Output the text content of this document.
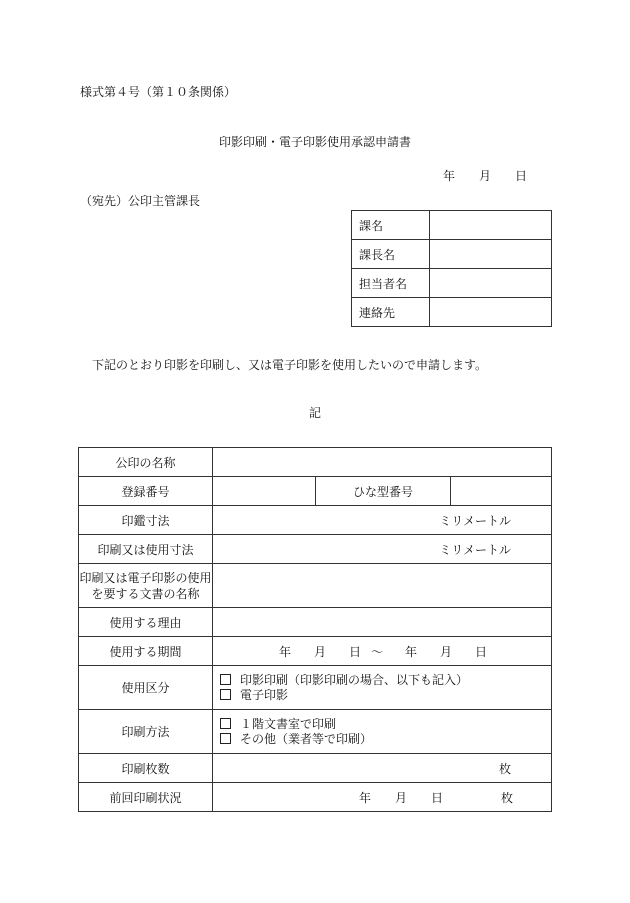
様式第４号（第１０条関係）
印影印刷・電子印影使用承認申請書
年 月 日
（宛先）公印主管課長
課名	
課長名	
担当者名	
連絡先	
下記のとおり印影を印刷し、又は電子印影を使用したいので申請します。
記
公印の名称			
登録番号		ひな型番号	
印鑑寸法	ミリメートル		
印刷又は使用寸法	ミリメートル		
印刷又は電子印影の使用を要する文書の名称			
使用する理由			
使用する期間	年 月 日 〜 年 月 日		
使用区分	印影印刷（印影印刷の場合、以下も記入）
電子印影		

印刷方法	１階文書室で印刷
その他（業者等で印刷）		

印刷枚数	枚		
前回印刷状況	年 月 日 枚		
